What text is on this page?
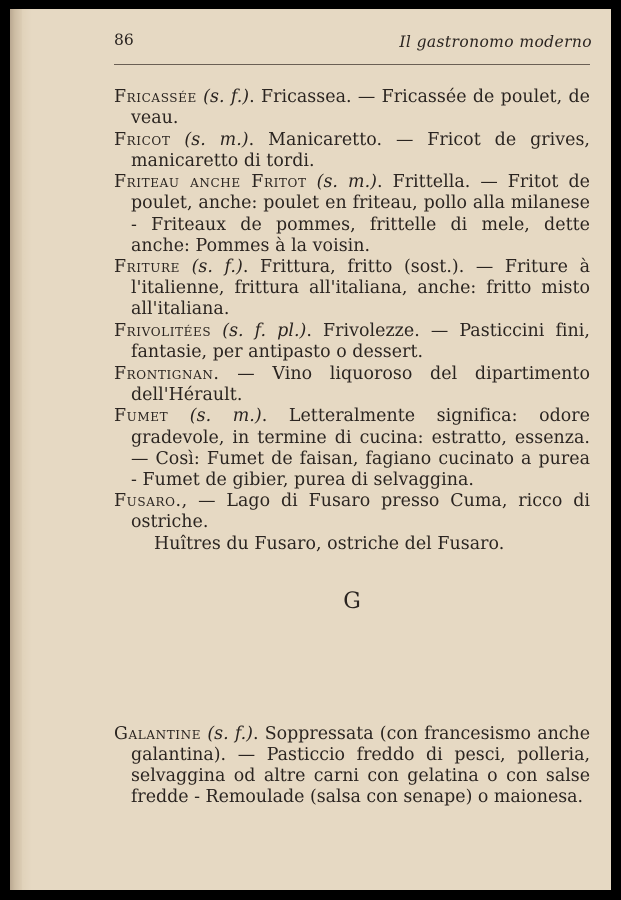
86	Il gastronomo moderno

Fricassée (s. f.). Fricassea. — Fricassée de poulet, de veau.

Fricot (s. m.). Manicaretto. — Fricot de grives, manicaretto di tordi.

Friteau anche Fritot (s. m.). Frittella. — Fritot de poulet, anche: poulet en friteau, pollo alla milanese - Friteaux de pommes, frittelle di mele, dette anche: Pommes à la voisin.

Friture (s. f.). Frittura, fritto (sost.). — Friture à l'italienne, frittura all'italiana, anche: fritto misto all'italiana.

Frivolitées (s. f. pl.). Frivolezze. — Pasticcini fini, fantasie, per antipasto o dessert.

Frontignan. — Vino liquoroso del dipartimento dell'Hérault.

Fumet (s. m.). Letteralmente significa: odore gradevole, in termine di cucina: estratto, essenza. — Così: Fumet de faisan, fagiano cucinato a purea - Fumet de gibier, purea di selvaggina.

Fusaro., — Lago di Fusaro presso Cuma, ricco di ostriche.

Huîtres du Fusaro, ostriche del Fusaro.

G

Galantine (s. f.). Soppressata (con francesismo anche galantina). — Pasticcio freddo di pesci, polleria, selvaggina od altre carni con gelatina o con salse fredde - Remoulade (salsa con senape) o maionesa.
